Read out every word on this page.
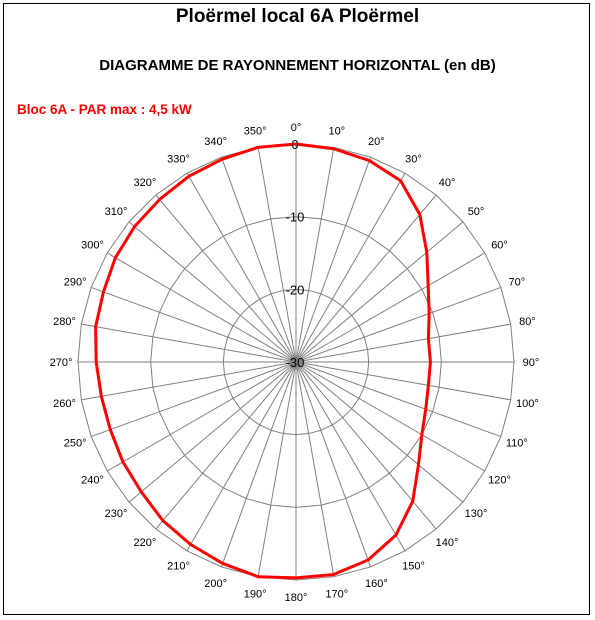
Ploërmel local 6A Ploërmel
DIAGRAMME DE RAYONNEMENT HORIZONTAL (en dB)
Bloc 6A - PAR max : 4,5 kW
0° 10°
20°
30°
40°
50°
60°
70°
80°
90°
100°
110°
120°
130°
140°
150°
160°
170°
180°
190°
200°
210°
220°
230°
240°
250°
260°
270°
280°
290°
300°
310°
320°
330°
340°
350°
0
-10
-20
-30
